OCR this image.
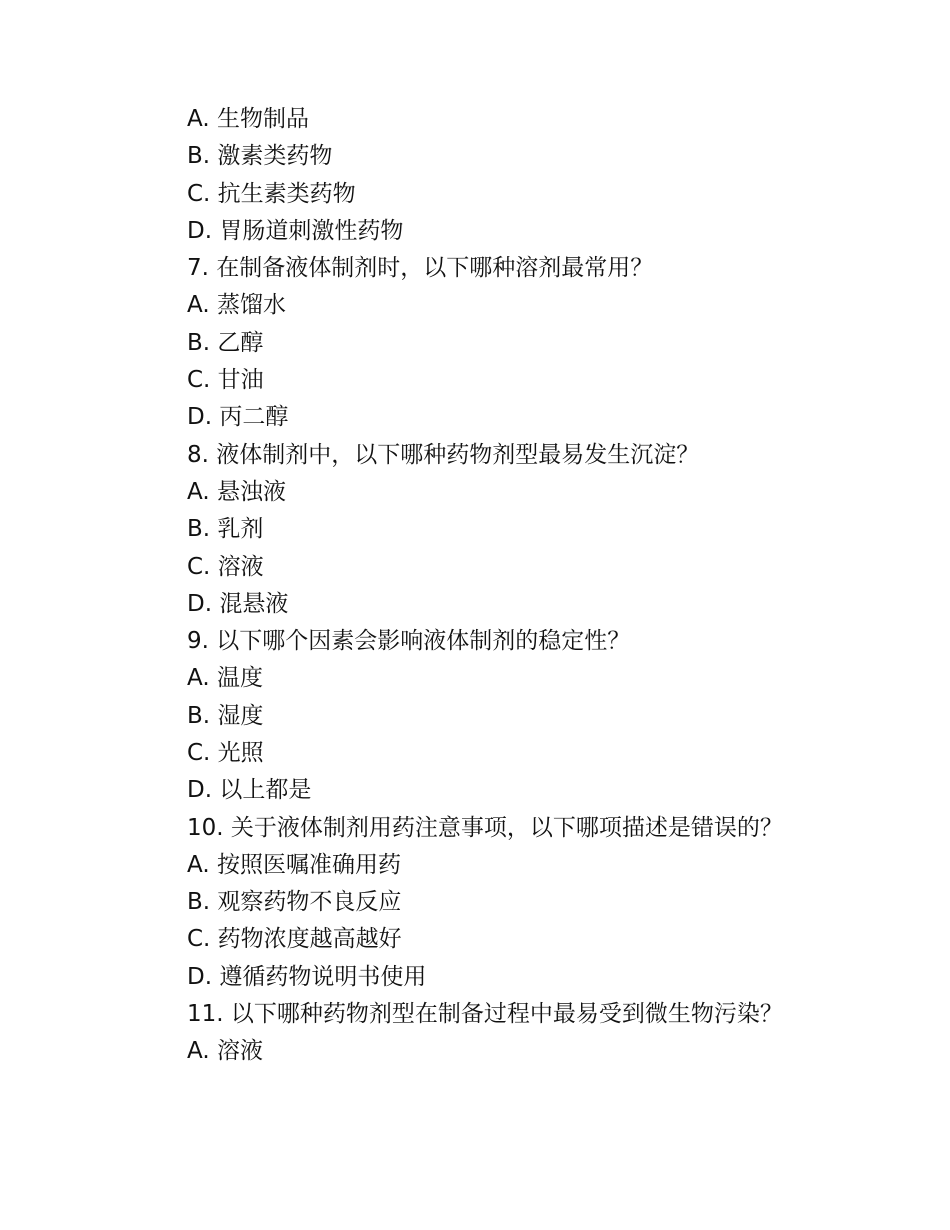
A. 生物制品

B. 激素类药物

C. 抗生素类药物

D. 胃肠道刺激性药物

7. 在制备液体制剂时，以下哪种溶剂最常用？

A. 蒸馏水

B. 乙醇

C. 甘油

D. 丙二醇

8. 液体制剂中，以下哪种药物剂型最易发生沉淀？

A. 悬浊液

B. 乳剂

C. 溶液

D. 混悬液

9. 以下哪个因素会影响液体制剂的稳定性？

A. 温度

B. 湿度

C. 光照

D. 以上都是

10. 关于液体制剂用药注意事项，以下哪项描述是错误的？

A. 按照医嘱准确用药

B. 观察药物不良反应

C. 药物浓度越高越好

D. 遵循药物说明书使用

11. 以下哪种药物剂型在制备过程中最易受到微生物污染？

A. 溶液
